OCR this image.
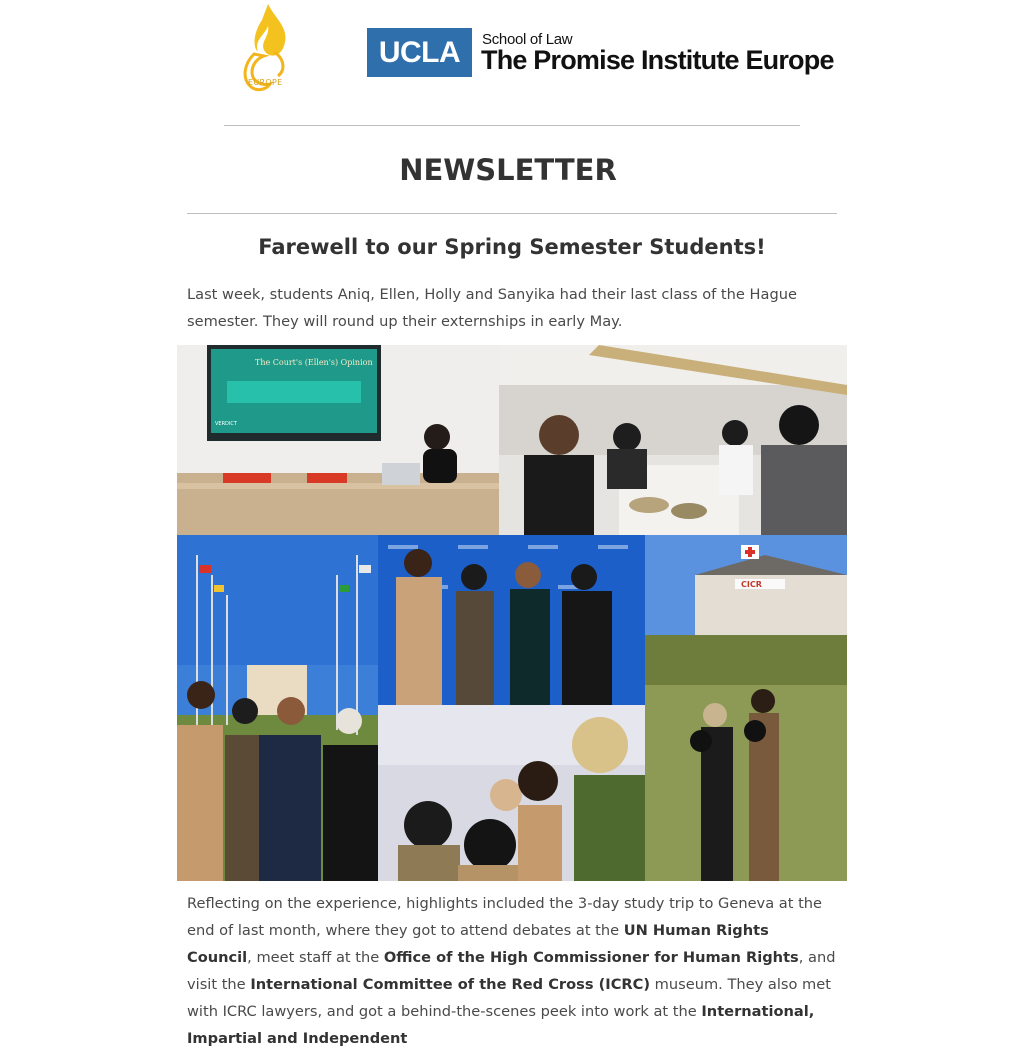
EUROPE
UCLA	School of Law
The Promise Institute Europe
NEWSLETTER
Farewell to our Spring Semester Students!
Last week, students Aniq, Ellen, Holly and Sanyika had their last class of the Hague semester. They will round up their externships in early May.
The Court's (Ellen's) Opinion
VERDICT
CICR
Reflecting on the experience, highlights included the 3-day study trip to Geneva at the end of last month, where they got to attend debates at the UN Human Rights Council, meet staff at the Office of the High Commissioner for Human Rights, and visit the International Committee of the Red Cross (ICRC) museum. They also met with ICRC lawyers, and got a behind-the-scenes peek into work at the International, Impartial and Independent
